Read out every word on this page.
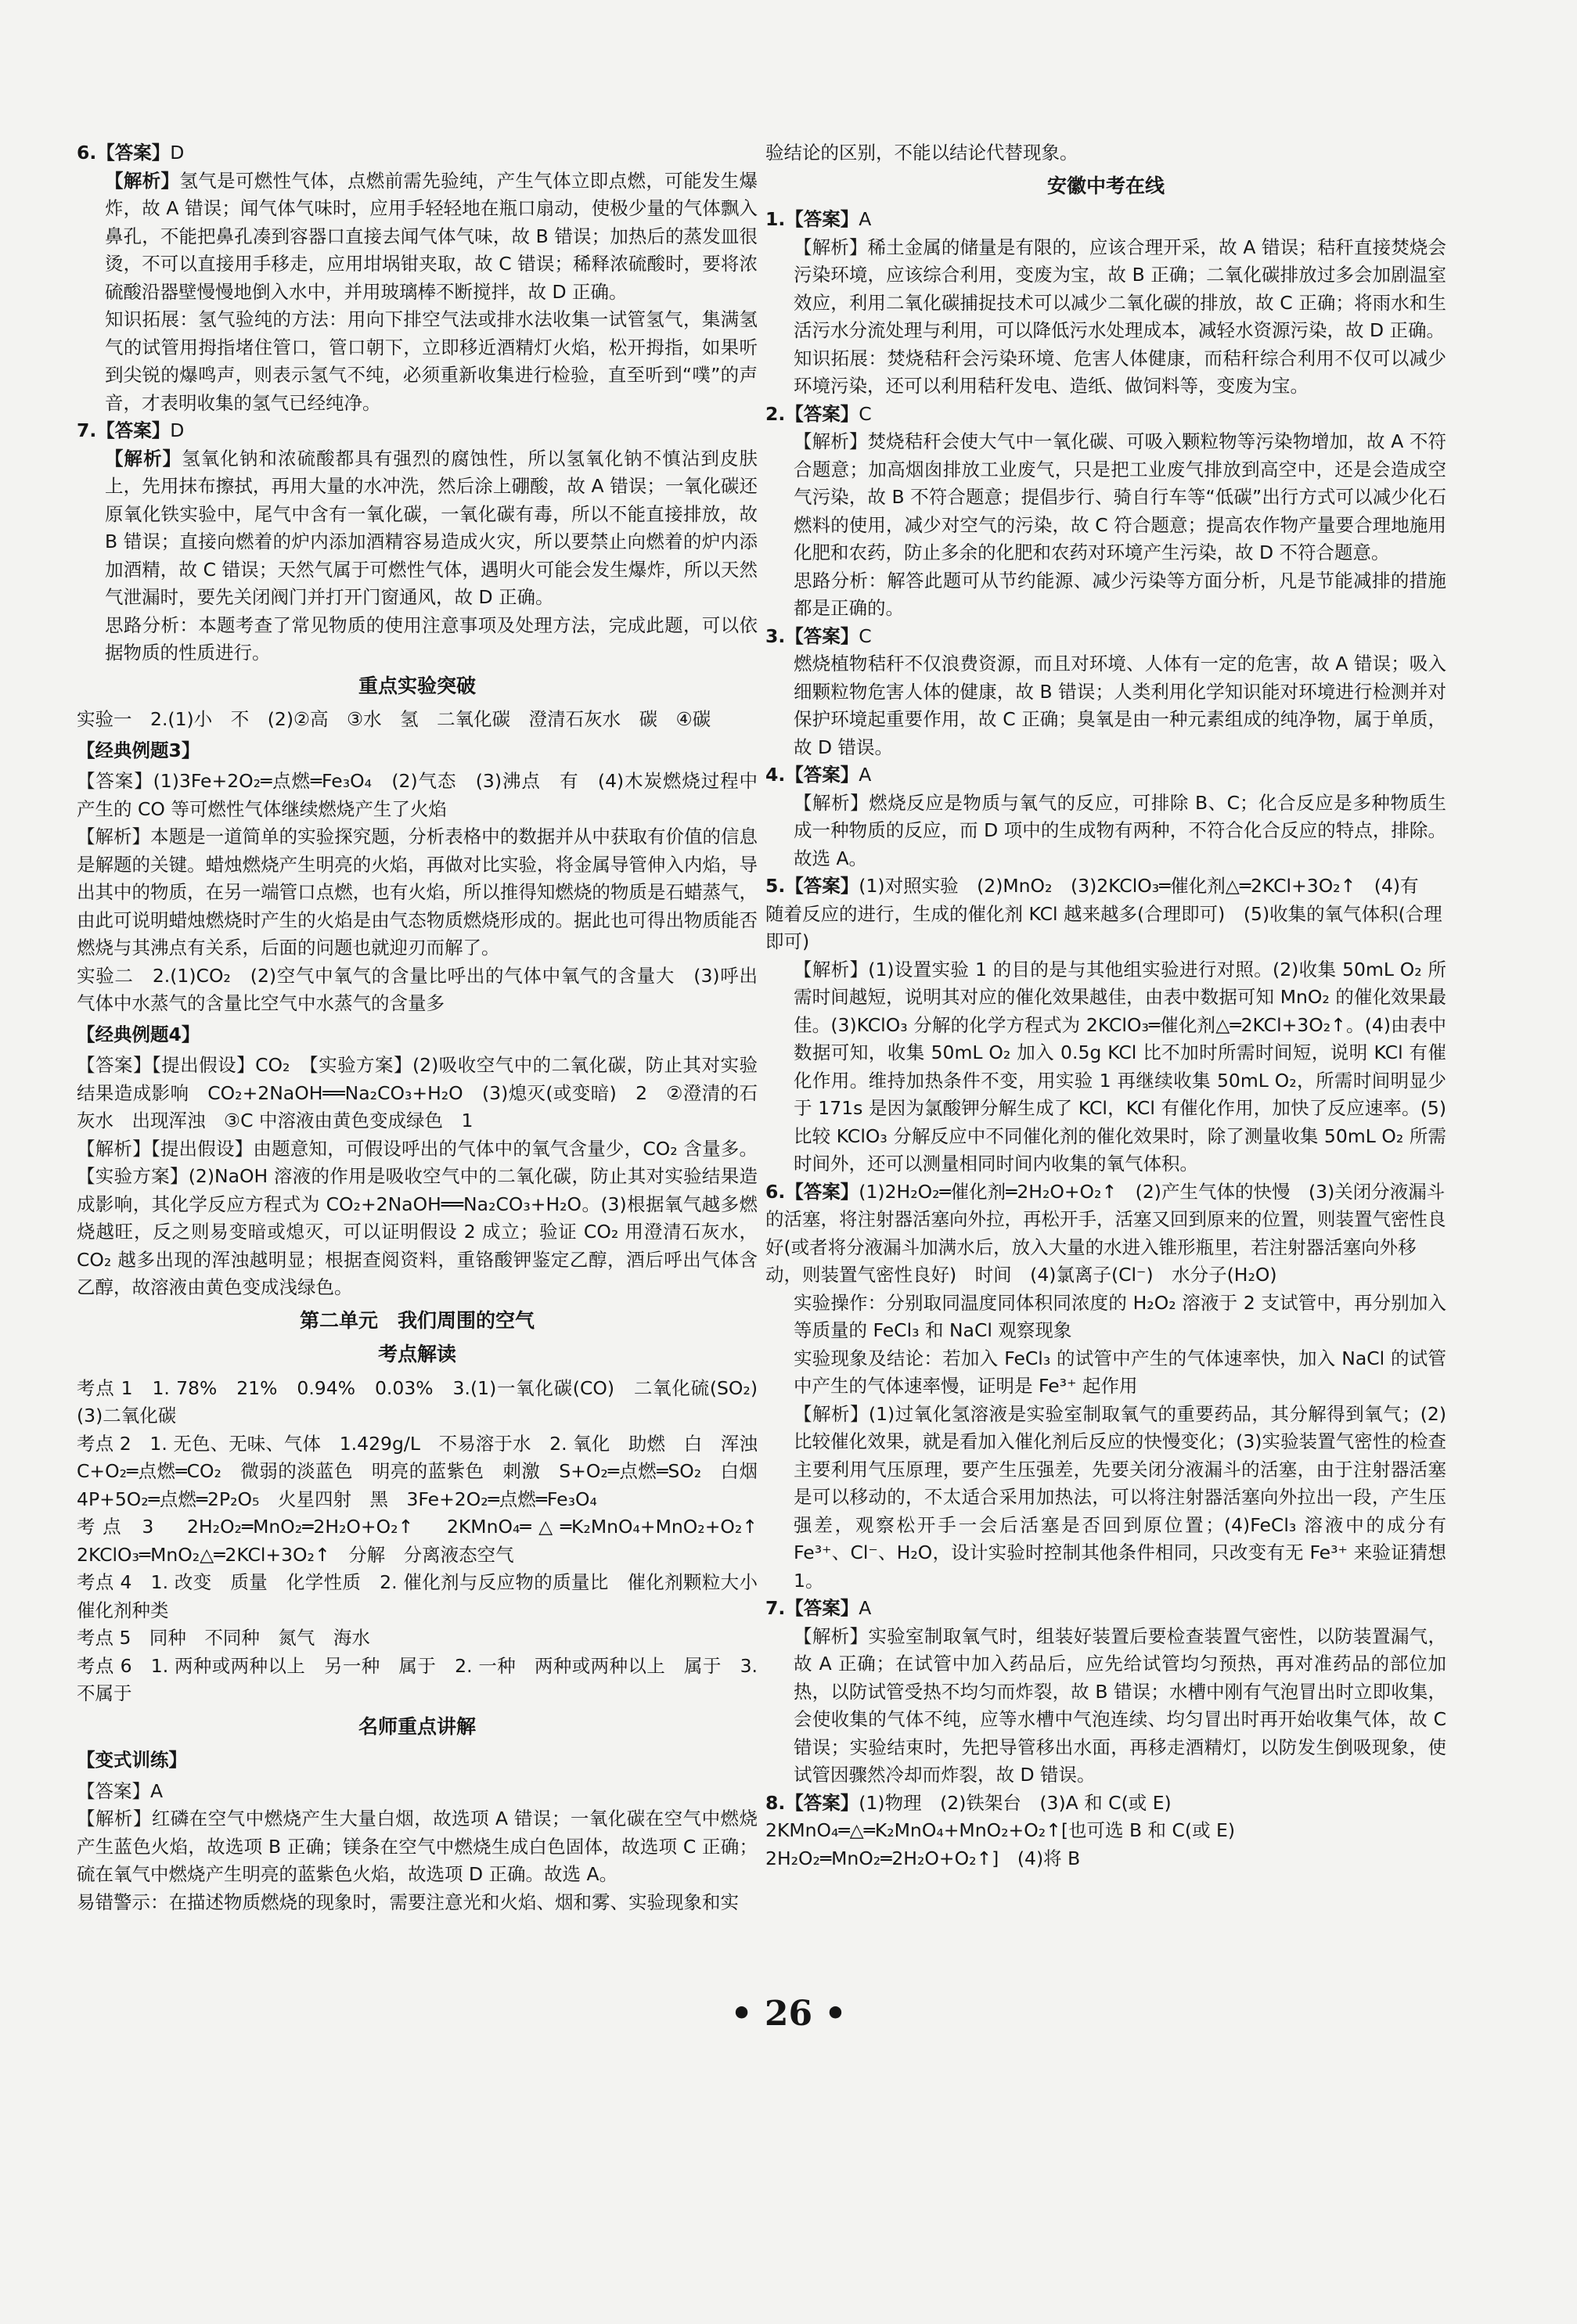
6.【答案】D

【解析】氢气是可燃性气体，点燃前需先验纯，产生气体立即点燃，可能发生爆炸，故 A 错误；闻气体气味时，应用手轻轻地在瓶口扇动，使极少量的气体飘入鼻孔，不能把鼻孔凑到容器口直接去闻气体气味，故 B 错误；加热后的蒸发皿很烫，不可以直接用手移走，应用坩埚钳夹取，故 C 错误；稀释浓硫酸时，要将浓硫酸沿器壁慢慢地倒入水中，并用玻璃棒不断搅拌，故 D 正确。

知识拓展：氢气验纯的方法：用向下排空气法或排水法收集一试管氢气，集满氢气的试管用拇指堵住管口，管口朝下，立即移近酒精灯火焰，松开拇指，如果听到尖锐的爆鸣声，则表示氢气不纯，必须重新收集进行检验，直至听到“噗”的声音，才表明收集的氢气已经纯净。

7.【答案】D

【解析】氢氧化钠和浓硫酸都具有强烈的腐蚀性，所以氢氧化钠不慎沾到皮肤上，先用抹布擦拭，再用大量的水冲洗，然后涂上硼酸，故 A 错误；一氧化碳还原氧化铁实验中，尾气中含有一氧化碳，一氧化碳有毒，所以不能直接排放，故 B 错误；直接向燃着的炉内添加酒精容易造成火灾，所以要禁止向燃着的炉内添加酒精，故 C 错误；天然气属于可燃性气体，遇明火可能会发生爆炸，所以天然气泄漏时，要先关闭阀门并打开门窗通风，故 D 正确。

思路分析：本题考查了常见物质的使用注意事项及处理方法，完成此题，可以依据物质的性质进行。

重点实验突破

实验一　2.(1)小　不　(2)②高　③水　氢　二氧化碳　澄清石灰水　碳　④碳

【经典例题3】

【答案】(1)3Fe+2O₂═点燃═Fe₃O₄　(2)气态　(3)沸点　有　(4)木炭燃烧过程中产生的 CO 等可燃性气体继续燃烧产生了火焰

【解析】本题是一道简单的实验探究题，分析表格中的数据并从中获取有价值的信息是解题的关键。蜡烛燃烧产生明亮的火焰，再做对比实验，将金属导管伸入内焰，导出其中的物质，在另一端管口点燃，也有火焰，所以推得知燃烧的物质是石蜡蒸气，由此可说明蜡烛燃烧时产生的火焰是由气态物质燃烧形成的。据此也可得出物质能否燃烧与其沸点有关系，后面的问题也就迎刃而解了。

实验二　2.(1)CO₂　(2)空气中氧气的含量比呼出的气体中氧气的含量大　(3)呼出气体中水蒸气的含量比空气中水蒸气的含量多

【经典例题4】

【答案】【提出假设】CO₂　【实验方案】(2)吸收空气中的二氧化碳，防止其对实验结果造成影响　CO₂+2NaOH══Na₂CO₃+H₂O　(3)熄灭(或变暗)　2　②澄清的石灰水　出现浑浊　③C 中溶液由黄色变成绿色　1

【解析】【提出假设】由题意知，可假设呼出的气体中的氧气含量少，CO₂ 含量多。【实验方案】(2)NaOH 溶液的作用是吸收空气中的二氧化碳，防止其对实验结果造成影响，其化学反应方程式为 CO₂+2NaOH══Na₂CO₃+H₂O。(3)根据氧气越多燃烧越旺，反之则易变暗或熄灭，可以证明假设 2 成立；验证 CO₂ 用澄清石灰水，CO₂ 越多出现的浑浊越明显；根据查阅资料，重铬酸钾鉴定乙醇，酒后呼出气体含乙醇，故溶液由黄色变成浅绿色。

第二单元　我们周围的空气

考点解读

考点 1　1. 78%　21%　0.94%　0.03%　3.(1)一氧化碳(CO)　二氧化硫(SO₂)　(3)二氧化碳

考点 2　1. 无色、无味、气体　1.429g/L　不易溶于水　2. 氧化　助燃　白　浑浊　C+O₂═点燃═CO₂　微弱的淡蓝色　明亮的蓝紫色　刺激　S+O₂═点燃═SO₂　白烟　4P+5O₂═点燃═2P₂O₅　火星四射　黑　3Fe+2O₂═点燃═Fe₃O₄

考点 3　2H₂O₂═MnO₂═2H₂O+O₂↑　2KMnO₄═△═K₂MnO₄+MnO₂+O₂↑　2KClO₃═MnO₂△═2KCl+3O₂↑　分解　分离液态空气

考点 4　1. 改变　质量　化学性质　2. 催化剂与反应物的质量比　催化剂颗粒大小　催化剂种类

考点 5　同种　不同种　氮气　海水

考点 6　1. 两种或两种以上　另一种　属于　2. 一种　两种或两种以上　属于　3. 不属于

名师重点讲解

【变式训练】

【答案】A

【解析】红磷在空气中燃烧产生大量白烟，故选项 A 错误；一氧化碳在空气中燃烧产生蓝色火焰，故选项 B 正确；镁条在空气中燃烧生成白色固体，故选项 C 正确；硫在氧气中燃烧产生明亮的蓝紫色火焰，故选项 D 正确。故选 A。

易错警示：在描述物质燃烧的现象时，需要注意光和火焰、烟和雾、实验现象和实

验结论的区别，不能以结论代替现象。

安徽中考在线

1.【答案】A

【解析】稀土金属的储量是有限的，应该合理开采，故 A 错误；秸秆直接焚烧会污染环境，应该综合利用，变废为宝，故 B 正确；二氧化碳排放过多会加剧温室效应，利用二氧化碳捕捉技术可以减少二氧化碳的排放，故 C 正确；将雨水和生活污水分流处理与利用，可以降低污水处理成本，减轻水资源污染，故 D 正确。

知识拓展：焚烧秸秆会污染环境、危害人体健康，而秸秆综合利用不仅可以减少环境污染，还可以利用秸秆发电、造纸、做饲料等，变废为宝。

2.【答案】C

【解析】焚烧秸秆会使大气中一氧化碳、可吸入颗粒物等污染物增加，故 A 不符合题意；加高烟囱排放工业废气，只是把工业废气排放到高空中，还是会造成空气污染，故 B 不符合题意；提倡步行、骑自行车等“低碳”出行方式可以减少化石燃料的使用，减少对空气的污染，故 C 符合题意；提高农作物产量要合理地施用化肥和农药，防止多余的化肥和农药对环境产生污染，故 D 不符合题意。

思路分析：解答此题可从节约能源、减少污染等方面分析，凡是节能减排的措施都是正确的。

3.【答案】C

燃烧植物秸秆不仅浪费资源，而且对环境、人体有一定的危害，故 A 错误；吸入细颗粒物危害人体的健康，故 B 错误；人类利用化学知识能对环境进行检测并对保护环境起重要作用，故 C 正确；臭氧是由一种元素组成的纯净物，属于单质，故 D 错误。

4.【答案】A

【解析】燃烧反应是物质与氧气的反应，可排除 B、C；化合反应是多种物质生成一种物质的反应，而 D 项中的生成物有两种，不符合化合反应的特点，排除。故选 A。

5.【答案】(1)对照实验　(2)MnO₂　(3)2KClO₃═催化剂△═2KCl+3O₂↑　(4)有　随着反应的进行，生成的催化剂 KCl 越来越多(合理即可)　(5)收集的氧气体积(合理即可)

【解析】(1)设置实验 1 的目的是与其他组实验进行对照。(2)收集 50mL O₂ 所需时间越短，说明其对应的催化效果越佳，由表中数据可知 MnO₂ 的催化效果最佳。(3)KClO₃ 分解的化学方程式为 2KClO₃═催化剂△═2KCl+3O₂↑。(4)由表中数据可知，收集 50mL O₂ 加入 0.5g KCl 比不加时所需时间短，说明 KCl 有催化作用。维持加热条件不变，用实验 1 再继续收集 50mL O₂，所需时间明显少于 171s 是因为氯酸钾分解生成了 KCl，KCl 有催化作用，加快了反应速率。(5)比较 KClO₃ 分解反应中不同催化剂的催化效果时，除了测量收集 50mL O₂ 所需时间外，还可以测量相同时间内收集的氧气体积。

6.【答案】(1)2H₂O₂═催化剂═2H₂O+O₂↑　(2)产生气体的快慢　(3)关闭分液漏斗的活塞，将注射器活塞向外拉，再松开手，活塞又回到原来的位置，则装置气密性良好(或者将分液漏斗加满水后，放入大量的水进入锥形瓶里，若注射器活塞向外移动，则装置气密性良好)　时间　(4)氯离子(Cl⁻)　水分子(H₂O)

实验操作：分别取同温度同体积同浓度的 H₂O₂ 溶液于 2 支试管中，再分别加入等质量的 FeCl₃ 和 NaCl 观察现象

实验现象及结论：若加入 FeCl₃ 的试管中产生的气体速率快，加入 NaCl 的试管中产生的气体速率慢，证明是 Fe³⁺ 起作用

【解析】(1)过氧化氢溶液是实验室制取氧气的重要药品，其分解得到氧气；(2)比较催化效果，就是看加入催化剂后反应的快慢变化；(3)实验装置气密性的检查主要利用气压原理，要产生压强差，先要关闭分液漏斗的活塞，由于注射器活塞是可以移动的，不太适合采用加热法，可以将注射器活塞向外拉出一段，产生压强差，观察松开手一会后活塞是否回到原位置；(4)FeCl₃ 溶液中的成分有 Fe³⁺、Cl⁻、H₂O，设计实验时控制其他条件相同，只改变有无 Fe³⁺ 来验证猜想 1。

7.【答案】A

【解析】实验室制取氧气时，组装好装置后要检查装置气密性，以防装置漏气，故 A 正确；在试管中加入药品后，应先给试管均匀预热，再对准药品的部位加热，以防试管受热不均匀而炸裂，故 B 错误；水槽中刚有气泡冒出时立即收集，会使收集的气体不纯，应等水槽中气泡连续、均匀冒出时再开始收集气体，故 C 错误；实验结束时，先把导管移出水面，再移走酒精灯，以防发生倒吸现象，使试管因骤然冷却而炸裂，故 D 错误。

8.【答案】(1)物理　(2)铁架台　(3)A 和 C(或 E)　2KMnO₄═△═K₂MnO₄+MnO₂+O₂↑[也可选 B 和 C(或 E)　2H₂O₂═MnO₂═2H₂O+O₂↑]　(4)将 B

• 26 •
